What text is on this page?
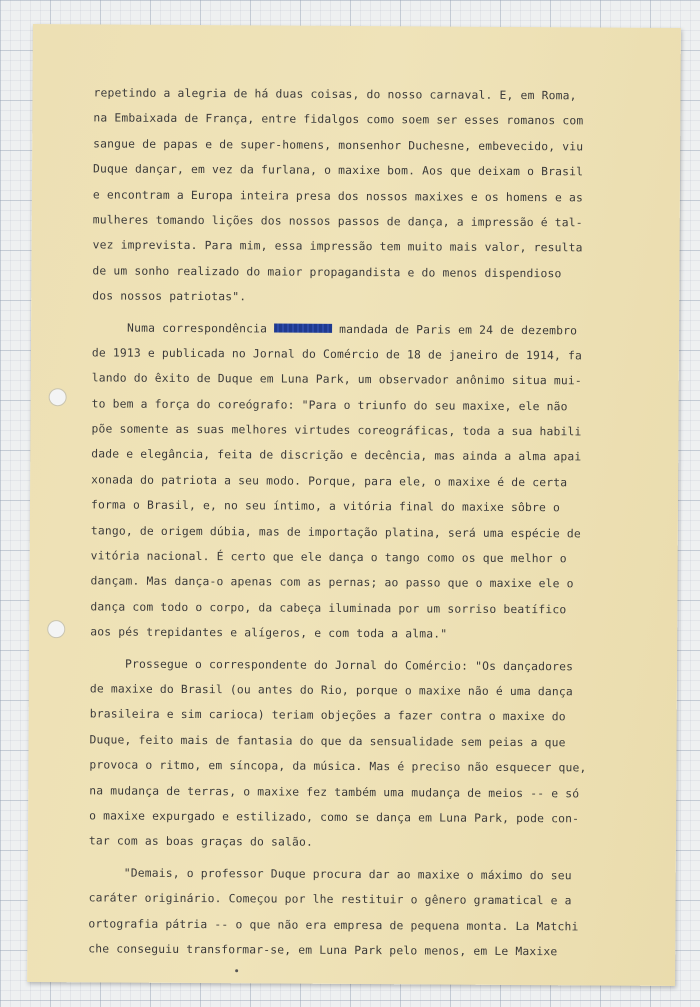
repetindo a alegria de há duas coisas, do nosso carnaval. E, em Roma,
na Embaixada de França, entre fidalgos como soem ser esses romanos com
sangue de papas e de super-homens, monsenhor Duchesne, embevecido, viu
Duque dançar, em vez da furlana, o maxixe bom. Aos que deixam o Brasil
e encontram a Europa inteira presa dos nossos maxixes e os homens e as
mulheres tomando lições dos nossos passos de dança, a impressão é tal-
vez imprevista. Para mim, essa impressão tem muito mais valor, resulta
de um sonho realizado do maior propagandista e do menos dispendioso
dos nossos patriotas".
Numa correspondência	mandada de Paris em 24 de dezembro
de 1913 e publicada no Jornal do Comércio de 18 de janeiro de 1914, fa
lando do êxito de Duque em Luna Park, um observador anônimo situa mui-
to bem a força do coreógrafo: "Para o triunfo do seu maxixe, ele não
põe somente as suas melhores virtudes coreográficas, toda a sua habili
dade e elegância, feita de discrição e decência, mas ainda a alma apai
xonada do patriota a seu modo. Porque, para ele, o maxixe é de certa
forma o Brasil, e, no seu íntimo, a vitória final do maxixe sôbre o
tango, de origem dúbia, mas de importação platina, será uma espécie de
vitória nacional. É certo que ele dança o tango como os que melhor o
dançam. Mas dança-o apenas com as pernas; ao passo que o maxixe ele o
dança com todo o corpo, da cabeça iluminada por um sorriso beatífico
aos pés trepidantes e alígeros, e com toda a alma."
Prossegue o correspondente do Jornal do Comércio: "Os dançadores
de maxixe do Brasil (ou antes do Rio, porque o maxixe não é uma dança
brasileira e sim carioca) teriam objeções a fazer contra o maxixe do
Duque, feito mais de fantasia do que da sensualidade sem peias a que
provoca o ritmo, em síncopa, da música. Mas é preciso não esquecer que,
na mudança de terras, o maxixe fez também uma mudança de meios -- e só
o maxixe expurgado e estilizado, como se dança em Luna Park, pode con-
tar com as boas graças do salão.
"Demais, o professor Duque procura dar ao maxixe o máximo do seu
caráter originário. Começou por lhe restituir o gênero gramatical e a
ortografia pátria -- o que não era empresa de pequena monta. La Matchi
che conseguiu transformar-se, em Luna Park pelo menos, em Le Maxixe
